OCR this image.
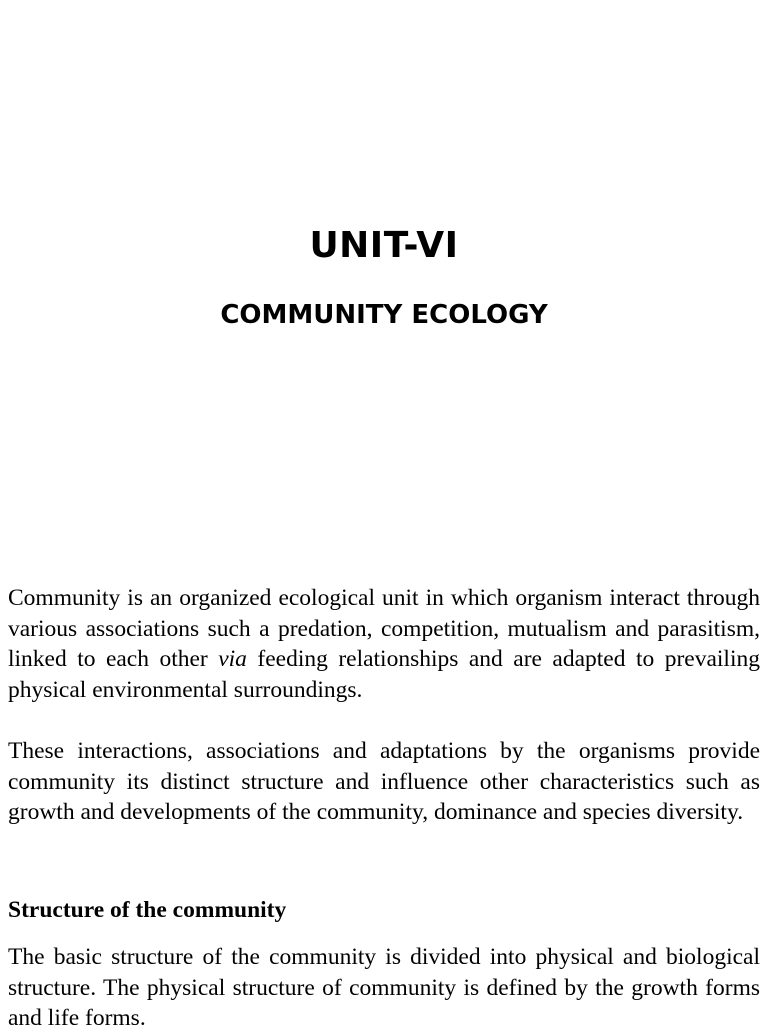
UNIT-VI
COMMUNITY ECOLOGY

Community is an organized ecological unit in which organism interact through various associations such a predation, competition, mutualism and parasitism, linked to each other via feeding relationships and are adapted to prevailing physical environmental surroundings.

These interactions, associations and adaptations by the organisms provide community its distinct structure and influence other characteristics such as growth and developments of the community, dominance and species diversity.

Structure of the community

The basic structure of the community is divided into physical and biological structure. The physical structure of community is defined by the growth forms and life forms.
